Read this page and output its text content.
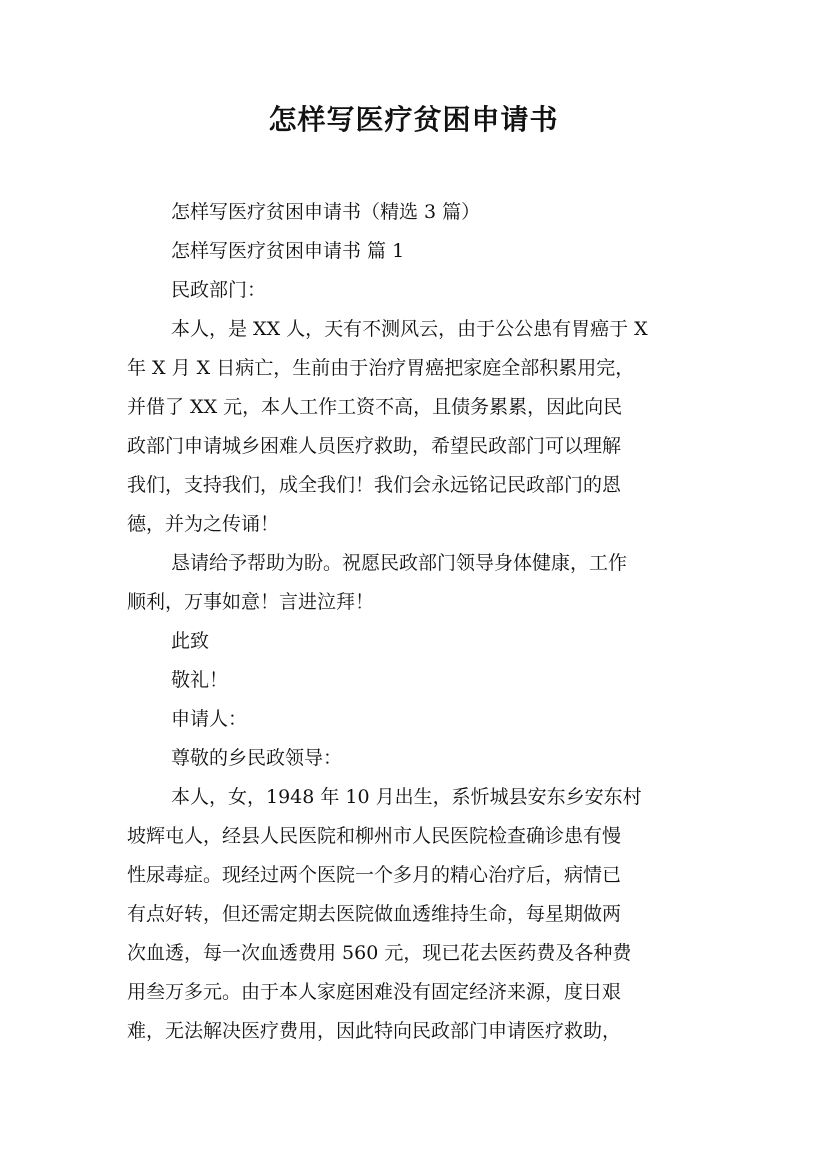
怎样写医疗贫困申请书
怎样写医疗贫困申请书（精选 3 篇）
怎样写医疗贫困申请书 篇 1
民政部门：
本人，是 XX 人，天有不测风云，由于公公患有胃癌于 X
年 X 月 X 日病亡，生前由于治疗胃癌把家庭全部积累用完，
并借了 XX 元，本人工作工资不高，且债务累累，因此向民
政部门申请城乡困难人员医疗救助，希望民政部门可以理解
我们，支持我们，成全我们！我们会永远铭记民政部门的恩
德，并为之传诵！
恳请给予帮助为盼。祝愿民政部门领导身体健康，工作
顺利，万事如意！言进泣拜！
此致
敬礼！
申请人：
尊敬的乡民政领导：
本人，女，1948 年 10 月出生，系忻城县安东乡安东村
坡辉屯人，经县人民医院和柳州市人民医院检查确诊患有慢
性尿毒症。现经过两个医院一个多月的精心治疗后，病情已
有点好转，但还需定期去医院做血透维持生命，每星期做两
次血透，每一次血透费用 560 元，现已花去医药费及各种费
用叁万多元。由于本人家庭困难没有固定经济来源，度日艰
难，无法解决医疗费用，因此特向民政部门申请医疗救助，
